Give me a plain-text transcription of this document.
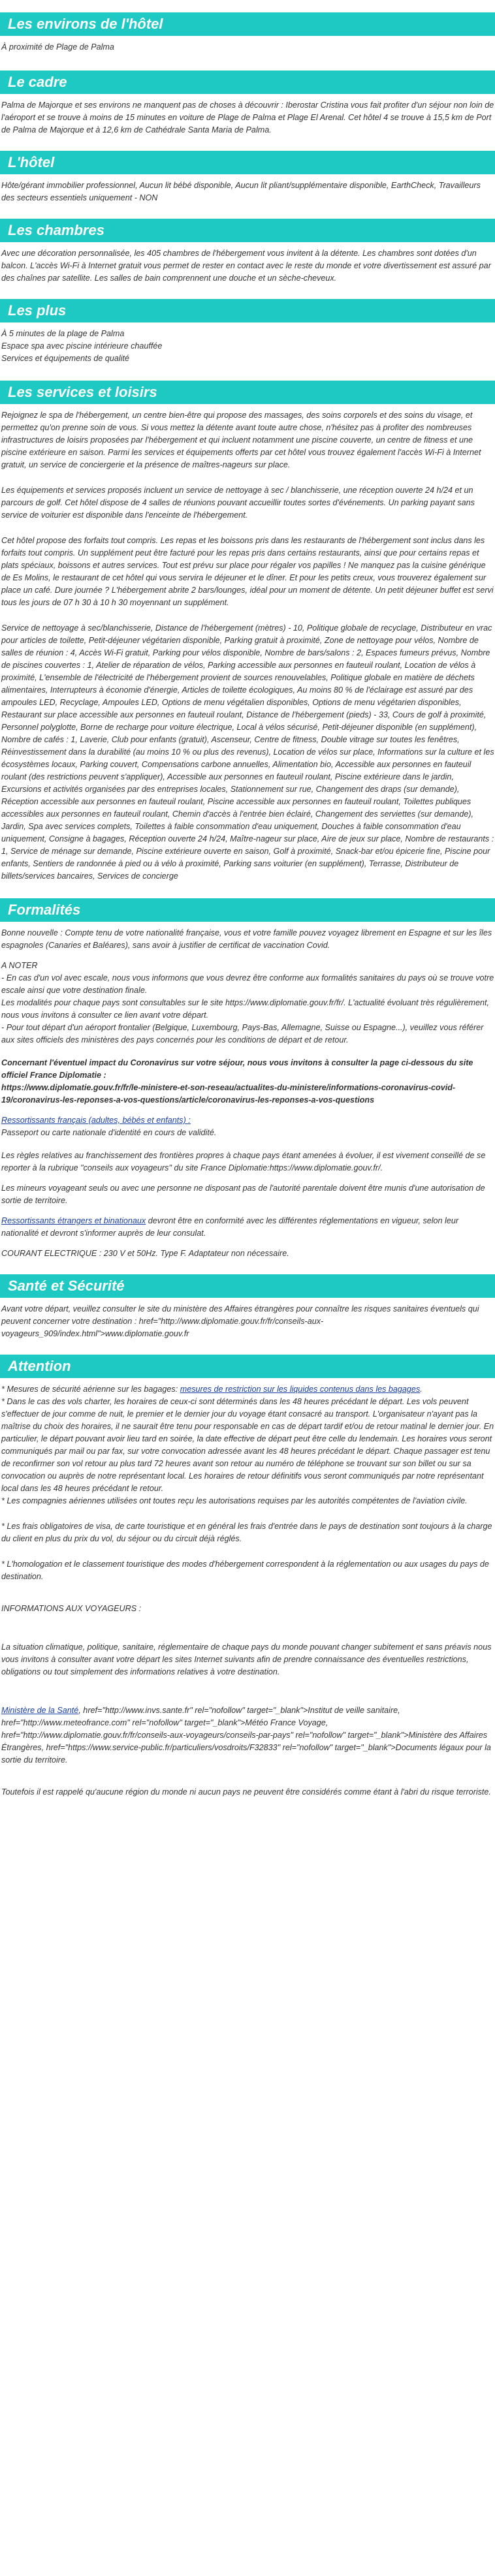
Les environs de l'hôtel

À proximité de Plage de Palma

Le cadre

Palma de Majorque et ses environs ne manquent pas de choses à découvrir : Iberostar Cristina vous fait profiter d'un séjour non loin de l'aéroport et se trouve à moins de 15 minutes en voiture de Plage de Palma et Plage El Arenal. Cet hôtel 4 se trouve à 15,5 km de Port de Palma de Majorque et à 12,6 km de Cathédrale Santa Maria de Palma.

L'hôtel

Hôte/gérant immobilier professionnel, Aucun lit bébé disponible, Aucun lit pliant/supplémentaire disponible, EarthCheck, Travailleurs des secteurs essentiels uniquement - NON

Les chambres

Avec une décoration personnalisée, les 405 chambres de l'hébergement vous invitent à la détente. Les chambres sont dotées d'un balcon. L'accès Wi-Fi à Internet gratuit vous permet de rester en contact avec le reste du monde et votre divertissement est assuré par des chaînes par satellite. Les salles de bain comprennent une douche et un sèche-cheveux.

Les plus
À 5 minutes de la plage de Palma
Espace spa avec piscine intérieure chauffée
Services et équipements de qualité
Les services et loisirs

Rejoignez le spa de l'hébergement, un centre bien-être qui propose des massages, des soins corporels et des soins du visage, et permettez qu'on prenne soin de vous. Si vous mettez la détente avant toute autre chose, n'hésitez pas à profiter des nombreuses infrastructures de loisirs proposées par l'hébergement et qui incluent notamment une piscine couverte, un centre de fitness et une piscine extérieure en saison. Parmi les services et équipements offerts par cet hôtel vous trouvez également l'accès Wi-Fi à Internet gratuit, un service de conciergerie et la présence de maîtres-nageurs sur place.

Les équipements et services proposés incluent un service de nettoyage à sec / blanchisserie, une réception ouverte 24 h/24 et un parcours de golf. Cet hôtel dispose de 4 salles de réunions pouvant accueillir toutes sortes d'événements. Un parking payant sans service de voiturier est disponible dans l'enceinte de l'hébergement.

Cet hôtel propose des forfaits tout compris. Les repas et les boissons pris dans les restaurants de l'hébergement sont inclus dans les forfaits tout compris. Un supplément peut être facturé pour les repas pris dans certains restaurants, ainsi que pour certains repas et plats spéciaux, boissons et autres services. Tout est prévu sur place pour régaler vos papilles ! Ne manquez pas la cuisine générique de Es Molins, le restaurant de cet hôtel qui vous servira le déjeuner et le dîner. Et pour les petits creux, vous trouverez également sur place un café. Dure journée ? L'hébergement abrite 2 bars/lounges, idéal pour un moment de détente. Un petit déjeuner buffet est servi tous les jours de 07 h 30 à 10 h 30 moyennant un supplément.

Service de nettoyage à sec/blanchisserie, Distance de l'hébergement (mètres) - 10, Politique globale de recyclage, Distributeur en vrac pour articles de toilette, Petit-déjeuner végétarien disponible, Parking gratuit à proximité, Zone de nettoyage pour vélos, Nombre de salles de réunion : 4, Accès Wi-Fi gratuit, Parking pour vélos disponible, Nombre de bars/salons : 2, Espaces fumeurs prévus, Nombre de piscines couvertes : 1, Atelier de réparation de vélos, Parking accessible aux personnes en fauteuil roulant, Location de vélos à proximité, L'ensemble de l'électricité de l'hébergement provient de sources renouvelables, Politique globale en matière de déchets alimentaires, Interrupteurs à économie d'énergie, Articles de toilette écologiques, Au moins 80 % de l'éclairage est assuré par des ampoules LED, Recyclage, Ampoules LED, Options de menu végétalien disponibles, Options de menu végétarien disponibles, Restaurant sur place accessible aux personnes en fauteuil roulant, Distance de l'hébergement (pieds) - 33, Cours de golf à proximité, Personnel polyglotte, Borne de recharge pour voiture électrique, Local à vélos sécurisé, Petit-déjeuner disponible (en supplément), Nombre de cafés : 1, Laverie, Club pour enfants (gratuit), Ascenseur, Centre de fitness, Double vitrage sur toutes les fenêtres, Réinvestissement dans la durabilité (au moins 10 % ou plus des revenus), Location de vélos sur place, Informations sur la culture et les écosystèmes locaux, Parking couvert, Compensations carbone annuelles, Alimentation bio, Accessible aux personnes en fauteuil roulant (des restrictions peuvent s'appliquer), Accessible aux personnes en fauteuil roulant, Piscine extérieure dans le jardin, Excursions et activités organisées par des entreprises locales, Stationnement sur rue, Changement des draps (sur demande), Réception accessible aux personnes en fauteuil roulant, Piscine accessible aux personnes en fauteuil roulant, Toilettes publiques accessibles aux personnes en fauteuil roulant, Chemin d'accès à l'entrée bien éclairé, Changement des serviettes (sur demande), Jardin, Spa avec services complets, Toilettes à faible consommation d'eau uniquement, Douches à faible consommation d'eau uniquement, Consigne à bagages, Réception ouverte 24 h/24, Maître-nageur sur place, Aire de jeux sur place, Nombre de restaurants : 1, Service de ménage sur demande, Piscine extérieure ouverte en saison, Golf à proximité, Snack-bar et/ou épicerie fine, Piscine pour enfants, Sentiers de randonnée à pied ou à vélo à proximité, Parking sans voiturier (en supplément), Terrasse, Distributeur de billets/services bancaires, Services de concierge

Formalités

Bonne nouvelle : Compte tenu de votre nationalité française, vous et votre famille pouvez voyagez librement en Espagne et sur les îles espagnoles (Canaries et Baléares), sans avoir à justifier de certificat de vaccination Covid.

A NOTER
- En cas d'un vol avec escale, nous vous informons que vous devrez être conforme aux formalités sanitaires du pays où se trouve votre escale ainsi que votre destination finale.
Les modalités pour chaque pays sont consultables sur le site https://www.diplomatie.gouv.fr/fr/. L'actualité évoluant très régulièrement, nous vous invitons à consulter ce lien avant votre départ.
- Pour tout départ d'un aéroport frontalier (Belgique, Luxembourg, Pays-Bas, Allemagne, Suisse ou Espagne...), veuillez vous référer aux sites officiels des ministères des pays concernés pour les conditions de départ et de retour.

Concernant l'éventuel impact du Coronavirus sur votre séjour, nous vous invitons à consulter la page ci-dessous du site officiel France Diplomatie :
https://www.diplomatie.gouv.fr/fr/le-ministere-et-son-reseau/actualites-du-ministere/informations-coronavirus-covid-19/coronavirus-les-reponses-a-vos-questions/article/coronavirus-les-reponses-a-vos-questions

Ressortissants français (adultes, bébés et enfants) :
Passeport ou carte nationale d'identité en cours de validité.

Les règles relatives au franchissement des frontières propres à chaque pays étant amenées à évoluer, il est vivement conseillé de se reporter à la rubrique "conseils aux voyageurs" du site France Diplomatie:https://www.diplomatie.gouv.fr/.

Les mineurs voyageant seuls ou avec une personne ne disposant pas de l'autorité parentale doivent être munis d'une autorisation de sortie de territoire.

Ressortissants étrangers et binationaux devront être en conformité avec les différentes réglementations en vigueur, selon leur nationalité et devront s'informer auprès de leur consulat.

COURANT ELECTRIQUE : 230 V et 50Hz. Type F. Adaptateur non nécessaire.

Santé et Sécurité

Avant votre départ, veuillez consulter le site du ministère des Affaires étrangères pour connaître les risques sanitaires éventuels qui peuvent concerner votre destination : href="http://www.diplomatie.gouv.fr/fr/conseils-aux-voyageurs_909/index.html">www.diplomatie.gouv.fr

Attention
* Mesures de sécurité aérienne sur les bagages: mesures de restriction sur les liquides contenus dans les bagages.
* Dans le cas des vols charter, les horaires de ceux-ci sont déterminés dans les 48 heures précédant le départ. Les vols peuvent s'effectuer de jour comme de nuit, le premier et le dernier jour du voyage étant consacré au transport. L'organisateur n'ayant pas la maîtrise du choix des horaires, il ne saurait être tenu pour responsable en cas de départ tardif et/ou de retour matinal le dernier jour. En particulier, le départ pouvant avoir lieu tard en soirée, la date effective de départ peut être celle du lendemain. Les horaires vous seront communiqués par mail ou par fax, sur votre convocation adressée avant les 48 heures précédant le départ. Chaque passager est tenu de reconfirmer son vol retour au plus tard 72 heures avant son retour au numéro de téléphone se trouvant sur son billet ou sur sa convocation ou auprès de notre représentant local. Les horaires de retour définitifs vous seront communiqués par notre représentant local dans les 48 heures précédant le retour.
* Les compagnies aériennes utilisées ont toutes reçu les autorisations requises par les autorités compétentes de l'aviation civile.

* Les frais obligatoires de visa, de carte touristique et en général les frais d'entrée dans le pays de destination sont toujours à la charge du client en plus du prix du vol, du séjour ou du circuit déjà réglés.

* L'homologation et le classement touristique des modes d'hébergement correspondent à la réglementation ou aux usages du pays de destination.

INFORMATIONS AUX VOYAGEURS :

La situation climatique, politique, sanitaire, réglementaire de chaque pays du monde pouvant changer subitement et sans préavis nous vous invitons à consulter avant votre départ les sites Internet suivants afin de prendre connaissance des éventuelles restrictions, obligations ou tout simplement des informations relatives à votre destination.

Ministère de la Santé, href="http://www.invs.sante.fr" rel="nofollow" target="_blank">Institut de veille sanitaire, href="http://www.meteofrance.com" rel="nofollow" target="_blank">Météo France Voyage, href="http://www.diplomatie.gouv.fr/fr/conseils-aux-voyageurs/conseils-par-pays" rel="nofollow" target="_blank">Ministère des Affaires Étrangères, href="https://www.service-public.fr/particuliers/vosdroits/F32833" rel="nofollow" target="_blank">Documents légaux pour la sortie du territoire.

Toutefois il est rappelé qu'aucune région du monde ni aucun pays ne peuvent être considérés comme étant à l'abri du risque terroriste.
